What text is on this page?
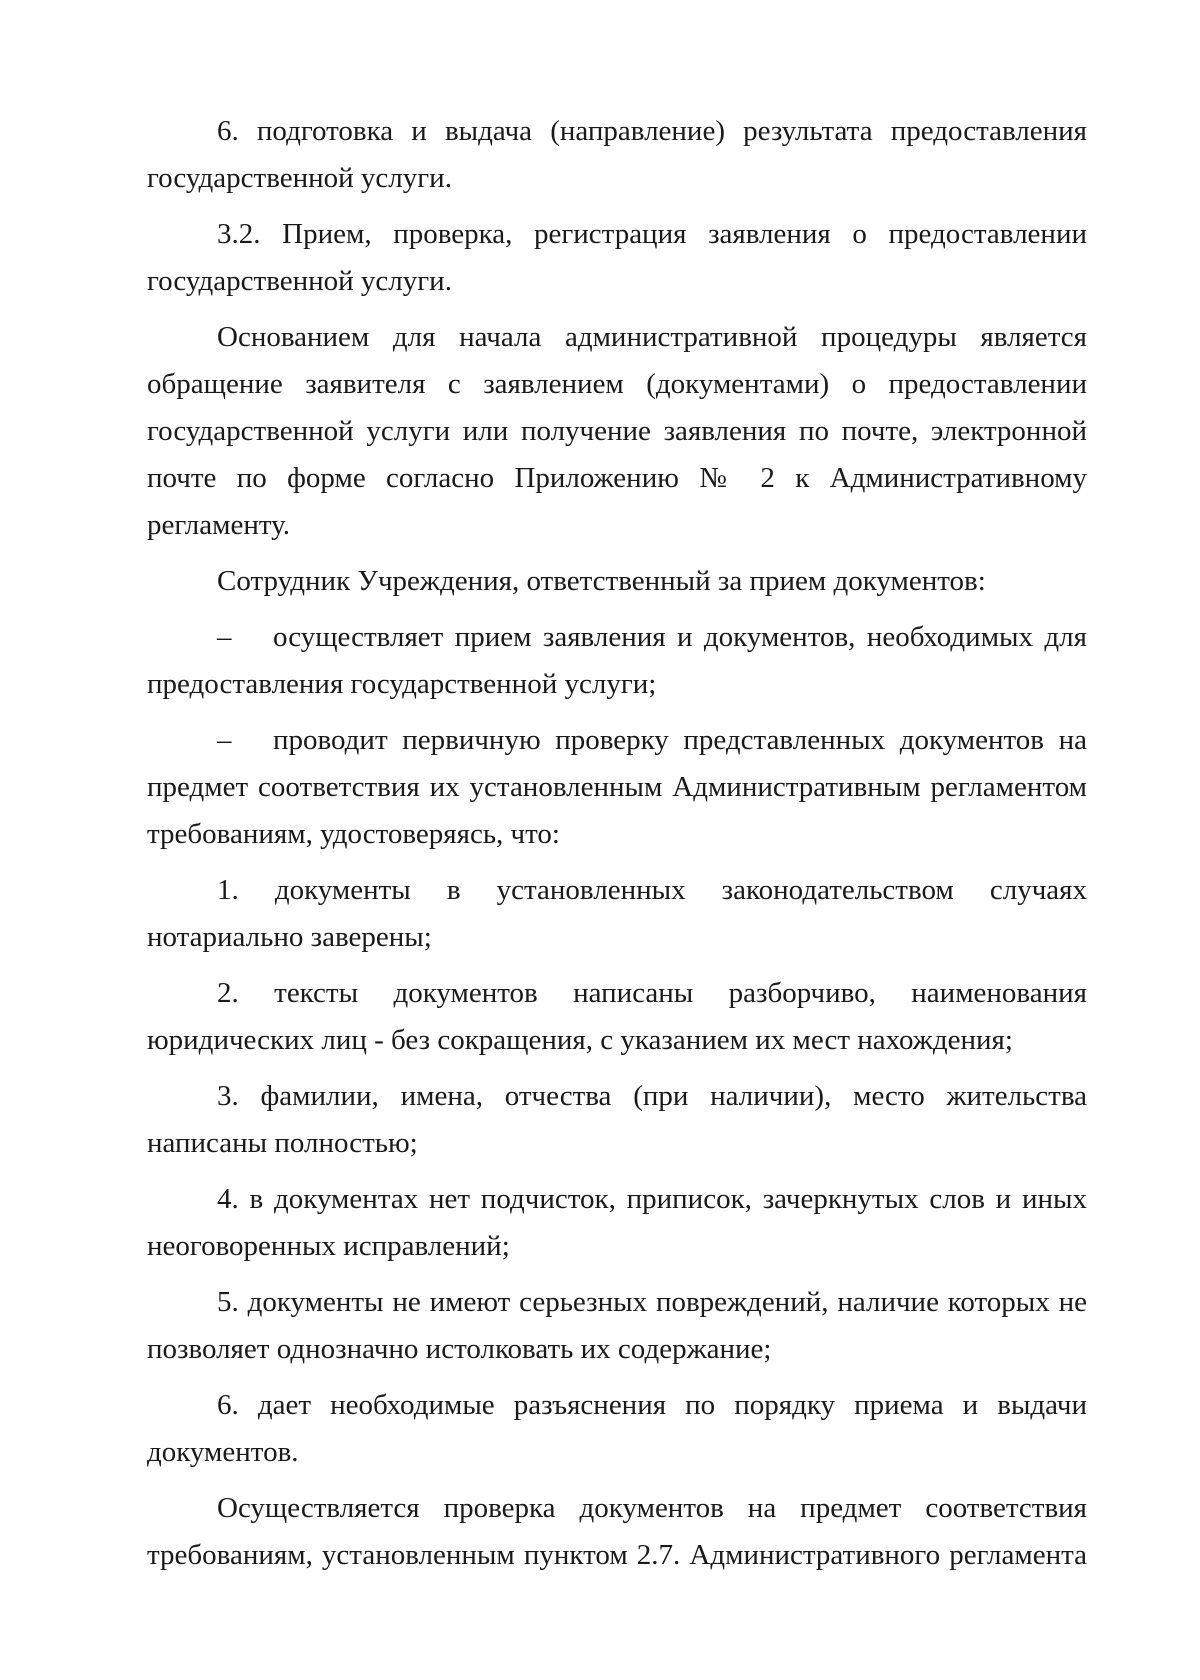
6. подготовка и выдача (направление) результата предоставления государственной услуги.

3.2. Прием, проверка, регистрация заявления о предоставлении государственной услуги.

Основанием для начала административной процедуры является обращение заявителя с заявлением (документами) о предоставлении государственной услуги или получение заявления по почте, электронной почте по форме согласно Приложению № 2 к Административному регламенту.

Сотрудник Учреждения, ответственный за прием документов:

– осуществляет прием заявления и документов, необходимых для предоставления государственной услуги;

– проводит первичную проверку представленных документов на предмет соответствия их установленным Административным регламентом требованиям, удостоверяясь, что:

1. документы в установленных законодательством случаях нотариально заверены;

2. тексты документов написаны разборчиво, наименования юридических лиц - без сокращения, с указанием их мест нахождения;

3. фамилии, имена, отчества (при наличии), место жительства написаны полностью;

4. в документах нет подчисток, приписок, зачеркнутых слов и иных неоговоренных исправлений;

5. документы не имеют серьезных повреждений, наличие которых не позволяет однозначно истолковать их содержание;

6. дает необходимые разъяснения по порядку приема и выдачи документов.

Осуществляется проверка документов на предмет соответствия требованиям, установленным пунктом 2.7. Административного регламента
